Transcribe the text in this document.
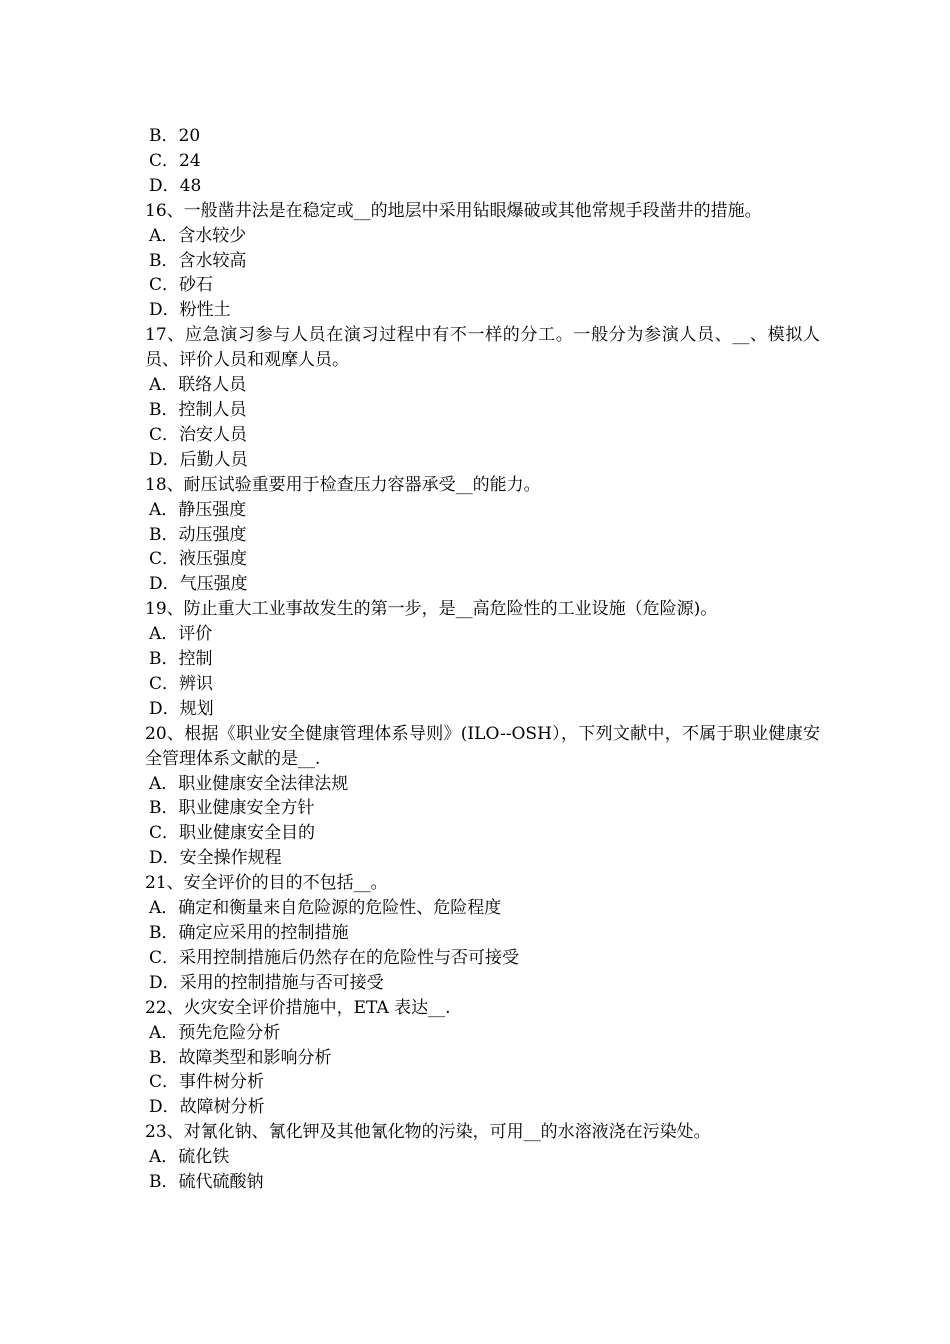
B．20
C．24
D．48
16、一般凿井法是在稳定或__的地层中采用钻眼爆破或其他常规手段凿井的措施。
A．含水较少
B．含水较高
C．砂石
D．粉性土
17、应急演习参与人员在演习过程中有不一样的分工。一般分为参演人员、__、模拟人员、评价人员和观摩人员。
A．联络人员
B．控制人员
C．治安人员
D．后勤人员
18、耐压试验重要用于检查压力容器承受__的能力。
A．静压强度
B．动压强度
C．液压强度
D．气压强度
19、防止重大工业事故发生的第一步，是__高危险性的工业设施（危险源)。
A．评价
B．控制
C．辨识
D．规划
20、根据《职业安全健康管理体系导则》(ILO--OSH），下列文献中，不属于职业健康安全管理体系文献的是__.
A．职业健康安全法律法规
B．职业健康安全方针
C．职业健康安全目的
D．安全操作规程
21、安全评价的目的不包括__。
A．确定和衡量来自危险源的危险性、危险程度
B．确定应采用的控制措施
C．采用控制措施后仍然存在的危险性与否可接受
D．采用的控制措施与否可接受
22、火灾安全评价措施中，ETA 表达__.
A．预先危险分析
B．故障类型和影响分析
C．事件树分析
D．故障树分析
23、对氰化钠、氰化钾及其他氰化物的污染，可用__的水溶液浇在污染处。
A．硫化铁
B．硫代硫酸钠
